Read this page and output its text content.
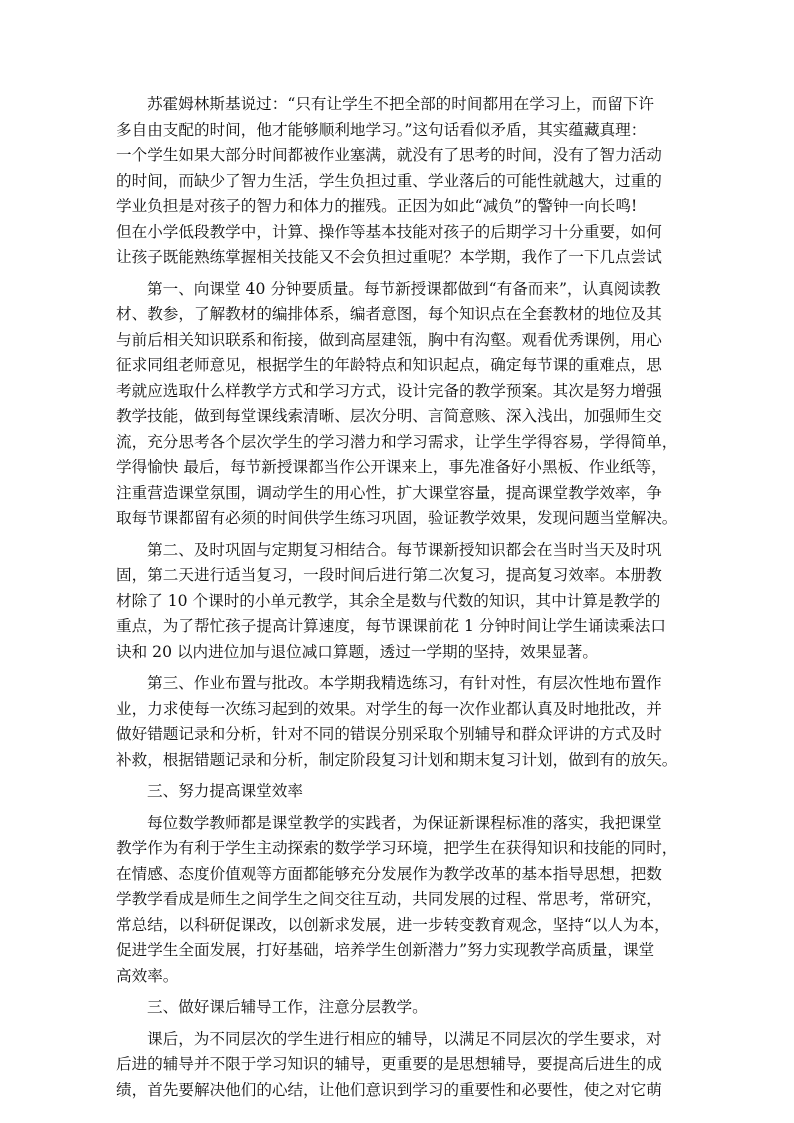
苏霍姆林斯基说过：“只有让学生不把全部的时间都用在学习上，而留下许
多自由支配的时间，他才能够顺利地学习。”这句话看似矛盾，其实蕴藏真理：
一个学生如果大部分时间都被作业塞满，就没有了思考的时间，没有了智力活动
的时间，而缺少了智力生活，学生负担过重、学业落后的可能性就越大，过重的
学业负担是对孩子的智力和体力的摧残。正因为如此“减负”的警钟一向长鸣!
但在小学低段教学中，计算、操作等基本技能对孩子的后期学习十分重要，如何
让孩子既能熟练掌握相关技能又不会负担过重呢？本学期，我作了一下几点尝试

第一、向课堂 40 分钟要质量。每节新授课都做到“有备而来”，认真阅读教
材、教参，了解教材的编排体系，编者意图，每个知识点在全套教材的地位及其
与前后相关知识联系和衔接，做到高屋建瓴，胸中有沟壑。观看优秀课例，用心
征求同组老师意见，根据学生的年龄特点和知识起点，确定每节课的重难点，思
考就应选取什么样教学方式和学习方式，设计完备的教学预案。其次是努力增强
教学技能，做到每堂课线索清晰、层次分明、言简意赅、深入浅出，加强师生交
流，充分思考各个层次学生的学习潜力和学习需求，让学生学得容易，学得简单，
学得愉快 最后，每节新授课都当作公开课来上，事先准备好小黑板、作业纸等，
注重营造课堂氛围，调动学生的用心性，扩大课堂容量，提高课堂教学效率，争
取每节课都留有必须的时间供学生练习巩固，验证教学效果，发现问题当堂解决。

第二、及时巩固与定期复习相结合。每节课新授知识都会在当时当天及时巩
固，第二天进行适当复习，一段时间后进行第二次复习，提高复习效率。本册教
材除了 10 个课时的小单元教学，其余全是数与代数的知识，其中计算是教学的
重点，为了帮忙孩子提高计算速度，每节课课前花 1 分钟时间让学生诵读乘法口
诀和 20 以内进位加与退位减口算题，透过一学期的坚持，效果显著。

第三、作业布置与批改。本学期我精选练习，有针对性，有层次性地布置作
业，力求使每一次练习起到的效果。对学生的每一次作业都认真及时地批改，并
做好错题记录和分析，针对不同的错误分别采取个别辅导和群众评讲的方式及时
补救，根据错题记录和分析，制定阶段复习计划和期末复习计划，做到有的放矢。

三、努力提高课堂效率

每位数学教师都是课堂教学的实践者，为保证新课程标准的落实，我把课堂
教学作为有利于学生主动探索的数学学习环境，把学生在获得知识和技能的同时，
在情感、态度价值观等方面都能够充分发展作为教学改革的基本指导思想，把数
学教学看成是师生之间学生之间交往互动，共同发展的过程、常思考，常研究，
常总结，以科研促课改，以创新求发展，进一步转变教育观念，坚持“以人为本，
促进学生全面发展，打好基础，培养学生创新潜力”努力实现教学高质量，课堂
高效率。

三、做好课后辅导工作，注意分层教学。

课后，为不同层次的学生进行相应的辅导，以满足不同层次的学生要求，对
后进的辅导并不限于学习知识的辅导，更重要的是思想辅导，要提高后进生的成
绩，首先要解决他们的心结，让他们意识到学习的重要性和必要性，使之对它萌
